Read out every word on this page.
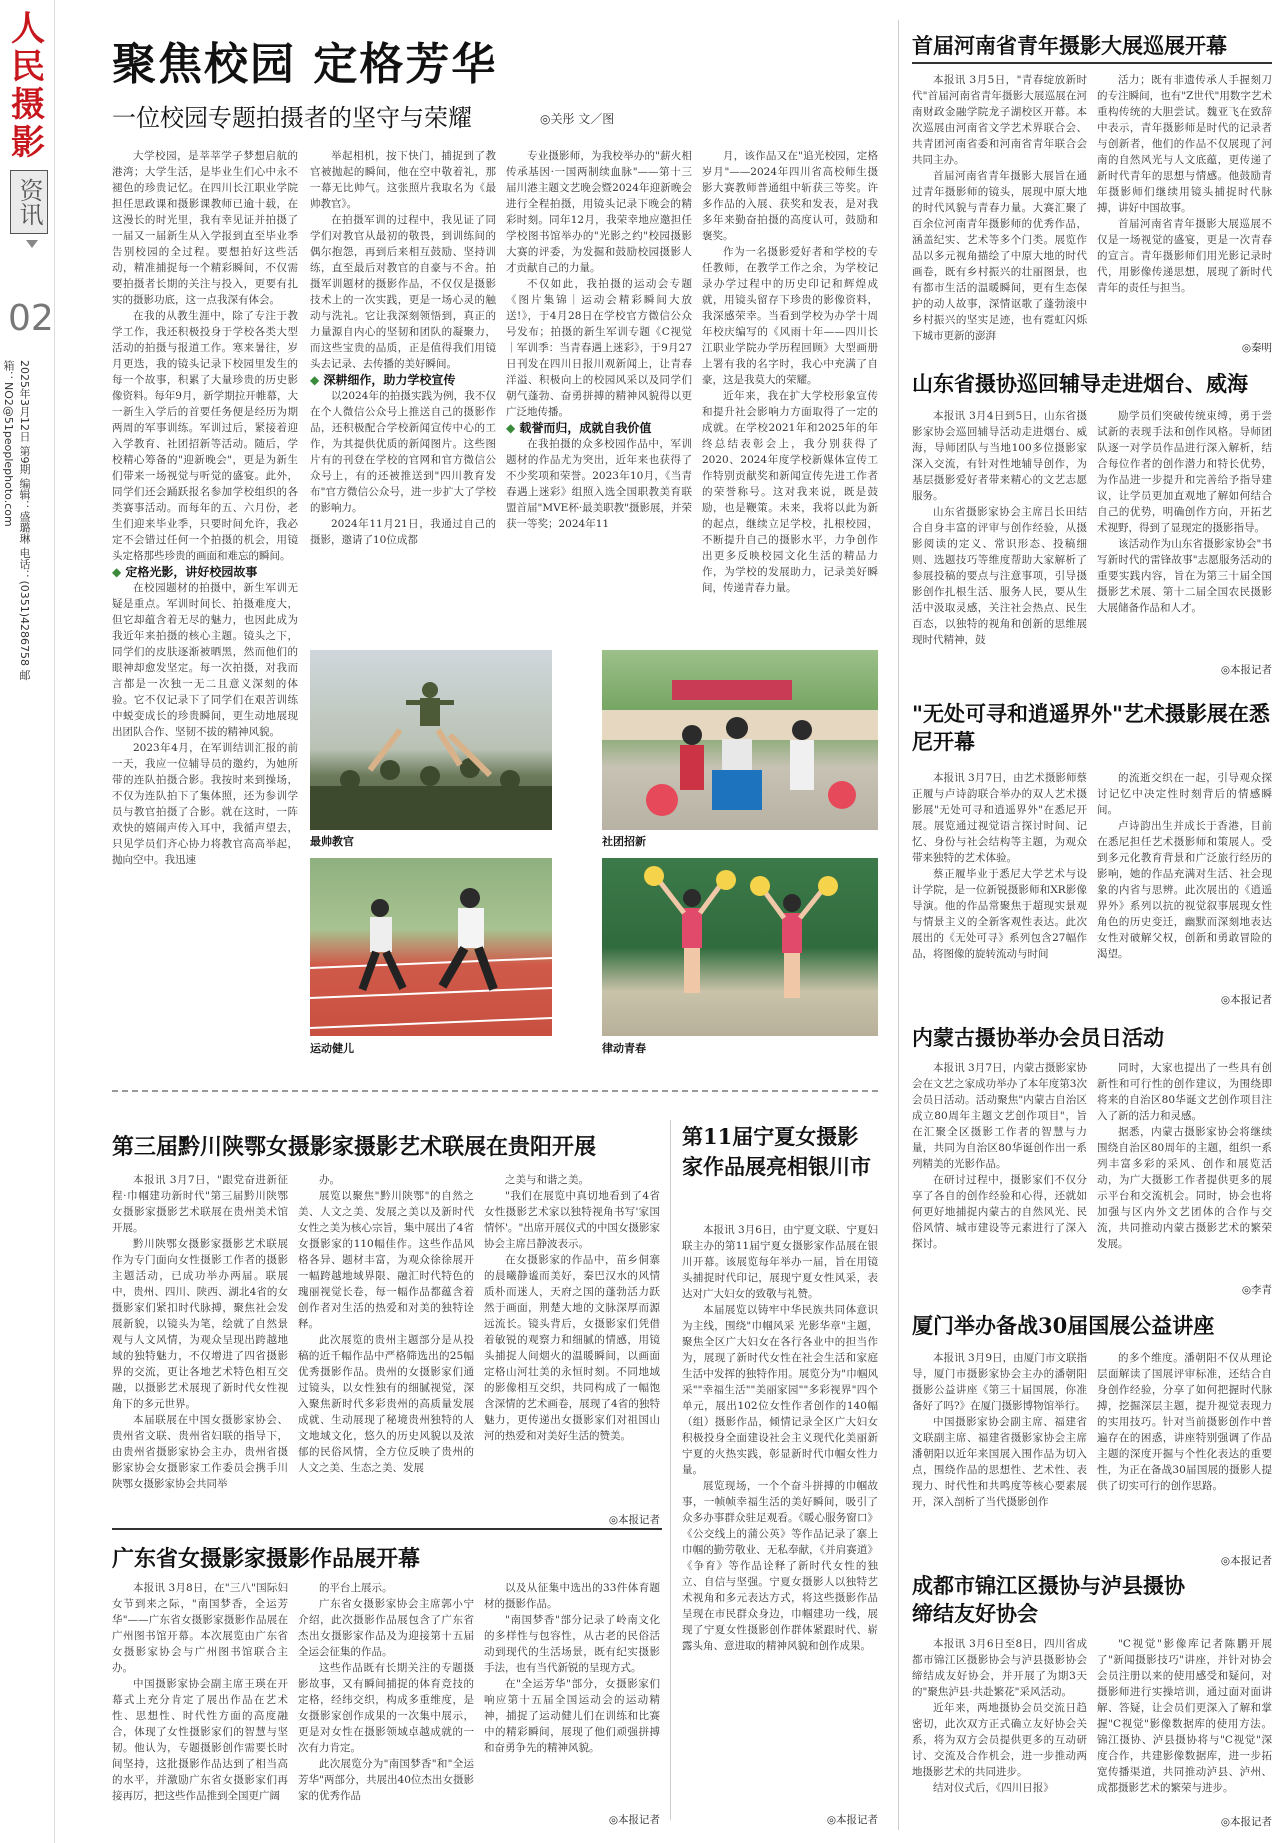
人
民
摄
影
资讯
02
2025年3月12日 第9期 编辑：盛璐琳 电话：(0351)4286758 邮箱：NO2@51peoplephoto.com
聚焦校园 定格芳华
一位校园专题拍摄者的坚守与荣耀	◎关彤 文／图

大学校园，是莘莘学子梦想启航的港湾；大学生活，是毕业生们心中永不褪色的珍贵记忆。在四川长江职业学院担任思政课和摄影课教师已逾十载，在这漫长的时光里，我有幸见证并拍摄了一届又一届新生从入学报到直至毕业季告别校园的全过程。要想拍好这些活动，精准捕捉每一个精彩瞬间，不仅需要拍摄者长期的关注与投入，更要有扎实的摄影功底，这一点我深有体会。

在我的从教生涯中，除了专注于教学工作，我还积极投身于学校各类大型活动的拍摄与报道工作。寒来暑往，岁月更迭，我的镜头记录下校园里发生的每一个故事，积累了大量珍贵的历史影像资料。每年9月，新学期拉开帷幕，大一新生入学后的首要任务便是经历为期两周的军事训练。军训过后，紧接着迎入学教育、社团招新等活动。随后，学校精心筹备的"迎新晚会"，更是为新生们带来一场视觉与听觉的盛宴。此外，同学们还会踊跃报名参加学校组织的各类赛事活动。而每年的五、六月份，老生们迎来毕业季，只要时间允许，我必定不会错过任何一个拍摄的机会，用镜头定格那些珍贵的画面和难忘的瞬间。

◆ 定格光影，讲好校园故事

在校园题材的拍摄中，新生军训无疑是重点。军训时间长、拍摄难度大，但它却蕴含着无尽的魅力，也因此成为我近年来拍摄的核心主题。镜头之下，同学们的皮肤逐渐被晒黑，然而他们的眼神却愈发坚定。每一次拍摄，对我而言都是一次独一无二且意义深刻的体验。它不仅记录下了同学们在艰苦训练中蜕变成长的珍贵瞬间，更生动地展现出团队合作、坚韧不拔的精神风貌。

2023年4月，在军训结训汇报的前一天，我应一位辅导员的邀约，为她所带的连队拍摄合影。我按时来到操场，不仅为连队拍下了集体照，还为参训学员与教官拍摄了合影。就在这时，一阵欢快的嬉闹声传入耳中，我循声望去，只见学员们齐心协力将教官高高举起，抛向空中。我迅速

举起相机，按下快门，捕捉到了教官被抛起的瞬间，他在空中敬着礼，那一幕无比帅气。这张照片我取名为《最帅教官》。

在拍摄军训的过程中，我见证了同学们对教官从最初的敬畏，到训练间的偶尔抱怨，再到后来相互鼓励、坚持训练，直至最后对教官的自豪与不舍。拍摄军训题材的摄影作品，不仅仅是摄影技术上的一次实践，更是一场心灵的触动与洗礼。它让我深刻领悟到，真正的力量源自内心的坚韧和团队的凝聚力，而这些宝贵的品质，正是值得我们用镜头去记录、去传播的美好瞬间。

◆ 深耕细作，助力学校宣传

以2024年的拍摄实践为例，我不仅在个人微信公众号上推送自己的摄影作品，还积极配合学校新闻宣传中心的工作，为其提供优质的新闻图片。这些图片有的刊登在学校的官网和官方微信公众号上，有的还被推送到"四川教育发布"官方微信公众号，进一步扩大了学校的影响力。

2024年11月21日，我通过自己的摄影，邀请了10位成都

专业摄影师，为我校举办的"薪火相传承基因·一国两制续血脉"——第十三届川港主题文艺晚会暨2024年迎新晚会进行全程拍摄，用镜头记录下晚会的精彩时刻。同年12月，我荣幸地应邀担任学校图书馆举办的"光影之约"校园摄影大赛的评委，为发掘和鼓励校园摄影人才贡献自己的力量。

不仅如此，我拍摄的运动会专题《图片集锦｜运动会精彩瞬间大放送!》，于4月28日在学校官方微信公众号发布；拍摄的新生军训专题《C视觉｜军训季：当青春遇上迷彩》，于9月27日刊发在四川日报川观新闻上，让青春洋溢、积极向上的校园风采以及同学们朝气蓬勃、奋勇拼搏的精神风貌得以更广泛地传播。

◆ 载誉而归，成就自我价值

在我拍摄的众多校园作品中，军训题材的作品尤为突出，近年来也获得了不少奖项和荣誉。2023年10月，《当青春遇上迷彩》组照入选全国职教美育联盟首届"MVE杯·最美职教"摄影展，并荣获一等奖；2024年11

月，该作品又在"追光校园，定格岁月"——2024年四川省高校师生摄影大赛教师普通组中斩获三等奖。许多作品的入展、获奖和发表，是对我多年来勤奋拍摄的高度认可，鼓励和褒奖。

作为一名摄影爱好者和学校的专任教师，在教学工作之余，为学校记录办学过程中的历史印记和辉煌成就，用镜头留存下珍贵的影像资料，我深感荣幸。当看到学校为办学十周年校庆编写的《风雨十年——四川长江职业学院办学历程回顾》大型画册上署有我的名字时，我心中充满了自豪，这是我莫大的荣耀。

近年来，我在扩大学校形象宣传和提升社会影响力方面取得了一定的成就。在学校2021年和2025年的年终总结表彰会上，我分别获得了2020、2024年度学校新媒体宣传工作特别贡献奖和新闻宣传先进工作者的荣誉称号。这对我来说，既是鼓励，也是鞭策。未来，我将以此为新的起点，继续立足学校，扎根校园，不断提升自己的摄影水平，力争创作出更多反映校园文化生活的精品力作，为学校的发展助力，记录美好瞬间，传递青春力量。

最帅教官	社团招新
运动健儿	律动青春
第三届黔川陕鄂女摄影家摄影艺术联展在贵阳开展

本报讯 3月7日，"跟党奋进新征程·巾帼建功新时代"第三届黔川陕鄂女摄影家摄影艺术联展在贵州美术馆开展。

黔川陕鄂女摄影家摄影艺术联展作为专门面向女性摄影工作者的摄影主题活动，已成功举办两届。联展中，贵州、四川、陕西、湖北4省的女摄影家们紧扣时代脉搏，聚焦社会发展新貌，以镜头为笔，绘就了自然景观与人文风情，为观众呈现出跨越地域的独特魅力，不仅增进了四省摄影界的交流，更让各地艺术特色相互交融，以摄影艺术展现了新时代女性视角下的多元世界。

本届联展在中国女摄影家协会、贵州省文联、贵州省妇联的指导下，由贵州省摄影家协会主办，贵州省摄影家协会女摄影家工作委员会携手川陕鄂女摄影家协会共同举

办。

展览以聚焦"黔川陕鄂"的自然之美、人文之美、发展之美以及新时代女性之美为核心宗旨，集中展出了4省女摄影家的110幅佳作。这些作品风格各异、题材丰富，为观众徐徐展开一幅跨越地域界限、融汇时代特色的瑰丽视觉长卷，每一幅作品都蕴含着创作者对生活的热爱和对美的独特诠释。

此次展览的贵州主题部分是从投稿的近千幅作品中严格筛选出的25幅优秀摄影作品。贵州的女摄影家们通过镜头，以女性独有的细腻视觉，深入聚焦新时代多彩贵州的高质量发展成就、生动展现了秘境贵州独特的人文地域文化，悠久的历史风貌以及浓郁的民俗风情，全方位反映了贵州的人文之美、生态之美、发展

之美与和谐之美。

"我们在展览中真切地看到了4省女性摄影艺术家以独特视角书写'家国情怀'。"出席开展仪式的中国女摄影家协会主席吕静波表示。

在女摄影家的作品中，苗乡侗寨的晨曦静谧而美好，秦巴汉水的风情质朴而迷人，天府之国的蓬勃活力跃然于画面，荆楚大地的文脉深厚而源远流长。镜头背后，女摄影家们凭借着敏锐的观察力和细腻的情感，用镜头捕捉人间烟火的温暖瞬间，以画面定格山河壮美的永恒时刻。不同地域的影像相互交织，共同构成了一幅饱含深情的艺术画卷，展现了4省的独特魅力，更传递出女摄影家们对祖国山河的热爱和对美好生活的赞美。

◎本报记者
广东省女摄影家摄影作品展开幕

本报讯 3月8日，在"三八"国际妇女节到来之际，"南国梦香，全运芳华"——广东省女摄影家摄影作品展在广州图书馆开幕。本次展览由广东省女摄影家协会与广州图书馆联合主办。

中国摄影家协会副主席王瑛在开幕式上充分肯定了展出作品在艺术性、思想性、时代性方面的高度融合，体现了女性摄影家们的智慧与坚韧。他认为，专题摄影创作需要长时间坚持，这批摄影作品达到了相当高的水平，并激励广东省女摄影家们再接再厉，把这些作品推到全国更广阔

的平台上展示。

广东省女摄影家协会主席郭小宁介绍，此次摄影作品展包含了广东省杰出女摄影家作品及为迎接第十五届全运会征集的作品。

这些作品既有长期关注的专题摄影故事，又有瞬间捕捉的体育竞技的定格，经纬交织，构成多重维度，是女摄影家创作成果的一次集中展示，更是对女性在摄影领域卓越成就的一次有力肯定。

此次展览分为"南国梦香"和"全运芳华"两部分，共展出40位杰出女摄影家的优秀作品

以及从征集中选出的33件体育题材的摄影作品。

"南国梦香"部分记录了岭南文化的多样性与包容性，从古老的民俗活动到现代的生活场景，既有纪实摄影手法，也有当代新锐的呈现方式。

在"全运芳华"部分，女摄影家们响应第十五届全国运动会的运动精神，捕捉了运动健儿们在训练和比赛中的精彩瞬间，展现了他们顽强拼搏和奋勇争先的精神风貌。

◎本报记者
第11届宁夏女摄影家作品展亮相银川市

本报讯 3月6日，由宁夏文联、宁夏妇联主办的第11届宁夏女摄影家作品展在银川开幕。该展览每年举办一届，旨在用镜头捕捉时代印记，展现宁夏女性风采，表达对广大妇女的致敬与礼赞。

本届展览以铸牢中华民族共同体意识为主线，围绕"巾帼风采 光影华章"主题，聚焦全区广大妇女在各行各业中的担当作为，展现了新时代女性在社会生活和家庭生活中发挥的独特作用。展览分为"巾帼风采""幸福生活""美丽家园""多彩视界"四个单元，展出102位女性作者创作的140幅（组）摄影作品，倾情记录全区广大妇女积极投身全面建设社会主义现代化美丽新宁夏的火热实践，彰显新时代巾帼女性力量。

展览现场，一个个奋斗拼搏的巾帼故事，一帧帧幸福生活的美好瞬间，吸引了众多办事群众驻足观看。《暖心服务窗口》《公交线上的蒲公英》等作品记录了寨上巾帼的勤劳敬业、无私奉献，《并肩赛道》《争育》等作品诠释了新时代女性的独立、自信与坚强。宁夏女摄影人以独特艺术视角和多元表达方式，将这些摄影作品呈现在市民群众身边，巾帼建功一线，展现了宁夏女性摄影创作群体紧跟时代、崭露头角、意进取的精神风貌和创作成果。

◎本报记者
首届河南省青年摄影大展巡展开幕

本报讯 3月5日，"青春绽放新时代"首届河南省青年摄影大展巡展在河南财政金融学院龙子湖校区开幕。本次巡展由河南省文学艺术界联合会、共青团河南省委和河南省青年联合会共同主办。

首届河南省青年摄影大展旨在通过青年摄影师的镜头，展现中原大地的时代风貌与青春力量。大赛汇聚了百余位河南青年摄影师的优秀作品，涵盖纪实、艺术等多个门类。展览作品以多元视角描绘了中原大地的时代画卷，既有乡村振兴的壮丽图景，也有都市生活的温暖瞬间，更有生态保护的动人故事，深情讴歌了蓬勃滚中乡村振兴的坚实足迹，也有霓虹闪烁下城市更新的澎湃

活力；既有非遗传承人手握刻刀的专注瞬间，也有"Z世代"用数字艺术重构传统的大胆尝试。魏亚飞在致辞中表示，青年摄影师是时代的记录者与创新者，他们的作品不仅展现了河南的自然风光与人文底蕴，更传递了新时代青年的思想与情感。他鼓励青年摄影师们继续用镜头捕捉时代脉搏，讲好中国故事。

首届河南省青年摄影大展巡展不仅是一场视觉的盛宴，更是一次青春的宣言。青年摄影师们用光影记录时代，用影像传递思想，展现了新时代青年的责任与担当。

◎秦明
山东省摄协巡回辅导走进烟台、威海

本报讯 3月4日到5日，山东省摄影家协会巡回辅导活动走进烟台、威海，导师团队与当地100多位摄影家深入交流，有针对性地辅导创作，为基层摄影爱好者带来精心的文艺志愿服务。

山东省摄影家协会主席吕长田结合自身丰富的评审与创作经验，从摄影阅读的定义、常识形态、投稿细则、选题技巧等维度帮助大家解析了参展投稿的要点与注意事项，引导摄影创作扎根生活、服务人民，要从生活中汲取灵感，关注社会热点、民生百态，以独特的视角和创新的思维展现时代精神，鼓

励学员们突破传统束缚，勇于尝试新的表现手法和创作风格。导师团队逐一对学员作品进行深入解析，结合每位作者的创作潜力和特长优势，为作品进一步提升和完善给予指导建议，让学员更加直观地了解如何结合自己的优势，明确创作方向，开拓艺术视野，得到了显现定的摄影指导。

该活动作为山东省摄影家协会"书写新时代的雷锋故事"志愿服务活动的重要实践内容，旨在为第三十届全国摄影艺术展、第十二届全国农民摄影大展储备作品和人才。

◎本报记者
"无处可寻和逍遥界外"艺术摄影展在悉尼开幕

本报讯 3月7日，由艺术摄影师蔡正履与卢诗韵联合举办的双人艺术摄影展"无处可寻和逍遥界外"在悉尼开展。展览通过视觉语言探讨时间、记忆、身份与社会结构等主题，为观众带来独特的艺术体验。

蔡正履毕业于悉尼大学艺术与设计学院，是一位新锐摄影师和XR影像导演。他的作品常聚焦于超现实景观与情景主义的全新客观性表达。此次展出的《无处可寻》系列包含27幅作品，将图像的旋转流动与时间

的流逝交织在一起，引导观众探讨记忆中决定性时刻背后的情感瞬间。

卢诗韵出生并成长于香港，目前在悉尼担任艺术摄影师和策展人。受到多元化教育背景和广泛旅行经历的影响，她的作品充满对生活、社会现象的内省与思辨。此次展出的《逍遥界外》系列以抗的视觉叙事展现女性角色的历史变迁，幽默而深刻地表达女性对破解父权，创新和勇敢冒险的渴望。

◎本报记者
内蒙古摄协举办会员日活动

本报讯 3月7日，内蒙古摄影家协会在文艺之家成功举办了本年度第3次会员日活动。活动聚焦"内蒙古自治区成立80周年主题文艺创作项目"，旨在汇聚全区摄影工作者的智慧与力量，共同为自治区80华诞创作出一系列精美的光影作品。

在研讨过程中，摄影家们不仅分享了各自的创作经验和心得，还就如何更好地捕捉内蒙古的自然风光、民俗风情、城市建设等元素进行了深入探讨。

同时，大家也提出了一些具有创新性和可行性的创作建议，为围绕即将来的自治区80华诞文艺创作项目注入了新的活力和灵感。

据悉，内蒙古摄影家协会将继续围绕自治区80周年的主题，组织一系列丰富多彩的采风、创作和展览活动，为广大摄影工作者提供更多的展示平台和交流机会。同时，协会也将加强与区内外文艺团体的合作与交流，共同推动内蒙古摄影艺术的繁荣发展。

◎李青
厦门举办备战30届国展公益讲座

本报讯 3月9日，由厦门市文联指导，厦门市摄影家协会主办的潘朝阳摄影公益讲座《第三十届国展，你准备好了吗?》在厦门摄影博物馆举行。

中国摄影家协会副主席、福建省文联副主席、福建省摄影家协会主席潘朝阳以近年来国展入围作品为切入点，围绕作品的思想性、艺术性、表现力、时代性和共鸣度等核心要素展开，深入剖析了当代摄影创作

的多个维度。潘朝阳不仅从理论层面解读了国展评审标准，还结合自身创作经验，分享了如何把握时代脉搏，挖掘深层主题，提升视觉表现力的实用技巧。针对当前摄影创作中普遍存在的困惑，讲座特别强调了作品主题的深度开掘与个性化表达的重要性，为正在备战30届国展的摄影人提供了切实可行的创作思路。

◎本报记者
成都市锦江区摄协与泸县摄协缔结友好协会

本报讯 3月6日至8日，四川省成都市锦江区摄影协会与泸县摄影协会缔结成友好协会，并开展了为期3天的"聚焦泸县·共赴繁花"采风活动。

近年来，两地摄协会员交流日趋密切，此次双方正式确立友好协会关系，将为双方会员提供更多的互动研讨、交流及合作机会，进一步推动两地摄影艺术的共同进步。

结对仪式后，《四川日报》

"C视觉"影像库记者陈鹏开展了"新闻摄影技巧"讲座，并针对协会会员注册以来的使用感受和疑问，对摄影师进行实操培训，通过面对面讲解、答疑，让会员们更深入了解和掌握"C视觉"影像数据库的使用方法。锦江摄协、泸县摄协将与"C视觉"深度合作，共建影像数据库，进一步拓宽传播渠道，共同推动泸县、泸州、成都摄影艺术的繁荣与进步。

◎本报记者
